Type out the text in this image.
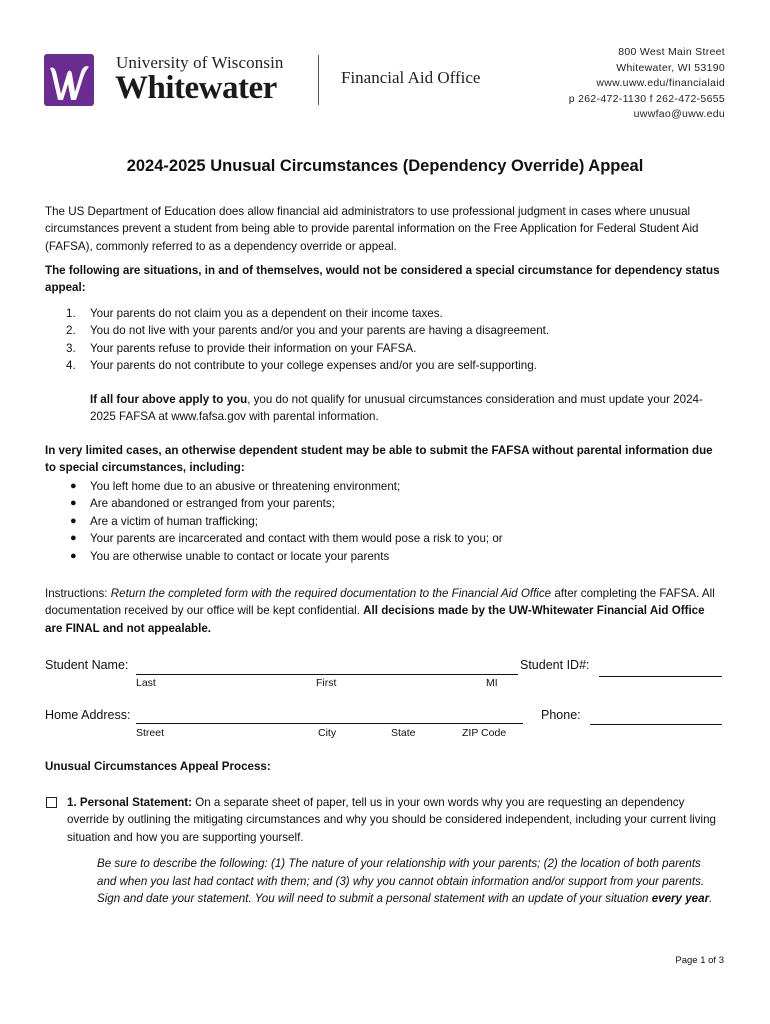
University of Wisconsin
Whitewater	Financial Aid Office
800 West Main Street
Whitewater, WI 53190
www.uww.edu/financialaid
p 262-472-1130 f 262-472-5655
uwwfao@uww.edu
2024-2025 Unusual Circumstances (Dependency Override) Appeal
The US Department of Education does allow financial aid administrators to use professional judgment in cases where unusual circumstances prevent a student from being able to provide parental information on the Free Application for Federal Student Aid (FAFSA), commonly referred to as a dependency override or appeal.
The following are situations, in and of themselves, would not be considered a special circumstance for dependency status appeal:
1. Your parents do not claim you as a dependent on their income taxes.
2. You do not live with your parents and/or you and your parents are having a disagreement.
3. Your parents refuse to provide their information on your FAFSA.
4. Your parents do not contribute to your college expenses and/or you are self-supporting.
If all four above apply to you, you do not qualify for unusual circumstances consideration and must update your 2024-2025 FAFSA at www.fafsa.gov with parental information.
In very limited cases, an otherwise dependent student may be able to submit the FAFSA without parental information due to special circumstances, including:
● You left home due to an abusive or threatening environment;
● Are abandoned or estranged from your parents;
● Are a victim of human trafficking;
● Your parents are incarcerated and contact with them would pose a risk to you; or
● You are otherwise unable to contact or locate your parents
Instructions: Return the completed form with the required documentation to the Financial Aid Office after completing the FAFSA. All documentation received by our office will be kept confidential. All decisions made by the UW-Whitewater Financial Aid Office are FINAL and not appealable.
Student Name:
Last	First	MI
Student ID#:
Home Address:
Street	City	State	ZIP Code
Phone:
Unusual Circumstances Appeal Process:
1. Personal Statement: On a separate sheet of paper, tell us in your own words why you are requesting an dependency override by outlining the mitigating circumstances and why you should be considered independent, including your current living situation and how you are supporting yourself.
Be sure to describe the following: (1) The nature of your relationship with your parents; (2) the location of both parents and when you last had contact with them; and (3) why you cannot obtain information and/or support from your parents. Sign and date your statement. You will need to submit a personal statement with an update of your situation every year.
Page 1 of 3
